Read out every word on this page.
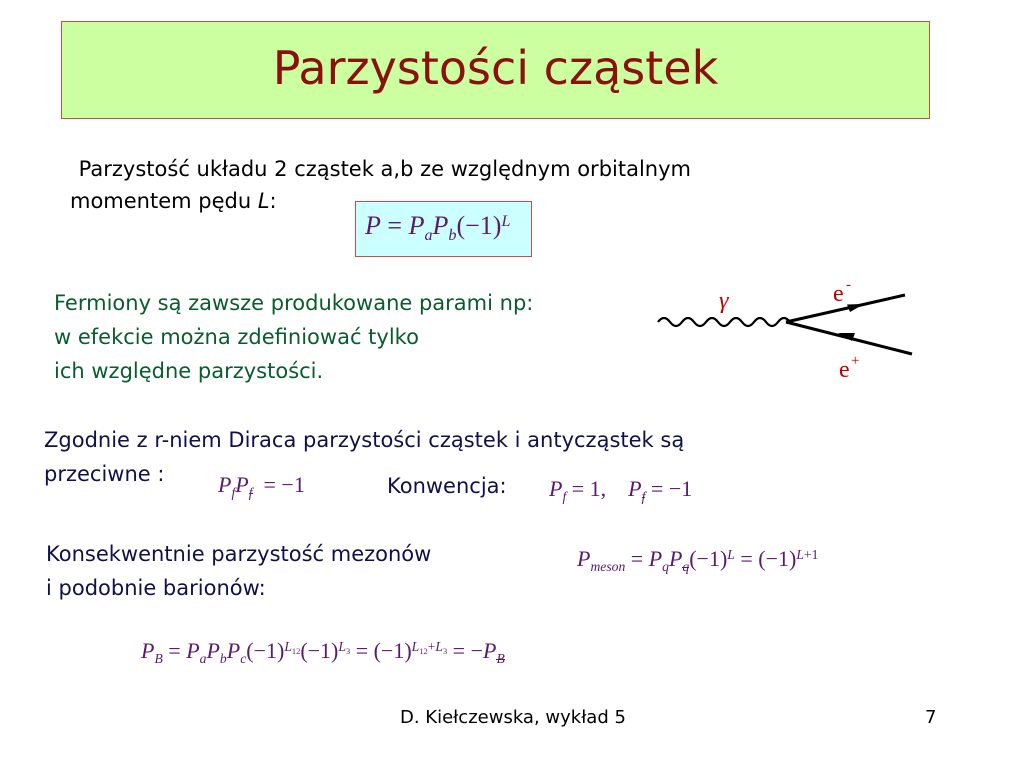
Parzystości cząstek
Parzystość układu 2 cząstek a,b ze względnym orbitalnym
momentem pędu L:
$P = P_aP_b(-1)^L$
Fermiony są zawsze produkowane parami np:
w efekcie można zdefiniować tylko
ich względne parzystości.
γ	e -
e +
Zgodnie z r-niem Diraca parzystości cząstek i antycząstek są
przeciwne : $P_fP_f = -1$	Konwencja: $P_f = 1$,    $P_f = -1$
Konsekwentnie parzystość mezonów
i podobnie barionów:
$P_{meson} = P_qP_q(-1)^L = (-1)^{L+1}$
$P_B = P_aP_bP_c(-1)^{L_{12}}(-1)^{L_3} = (-1)^{L_{12}+L_3} = -P_B$
D. Kiełczewska, wykład 5	7
